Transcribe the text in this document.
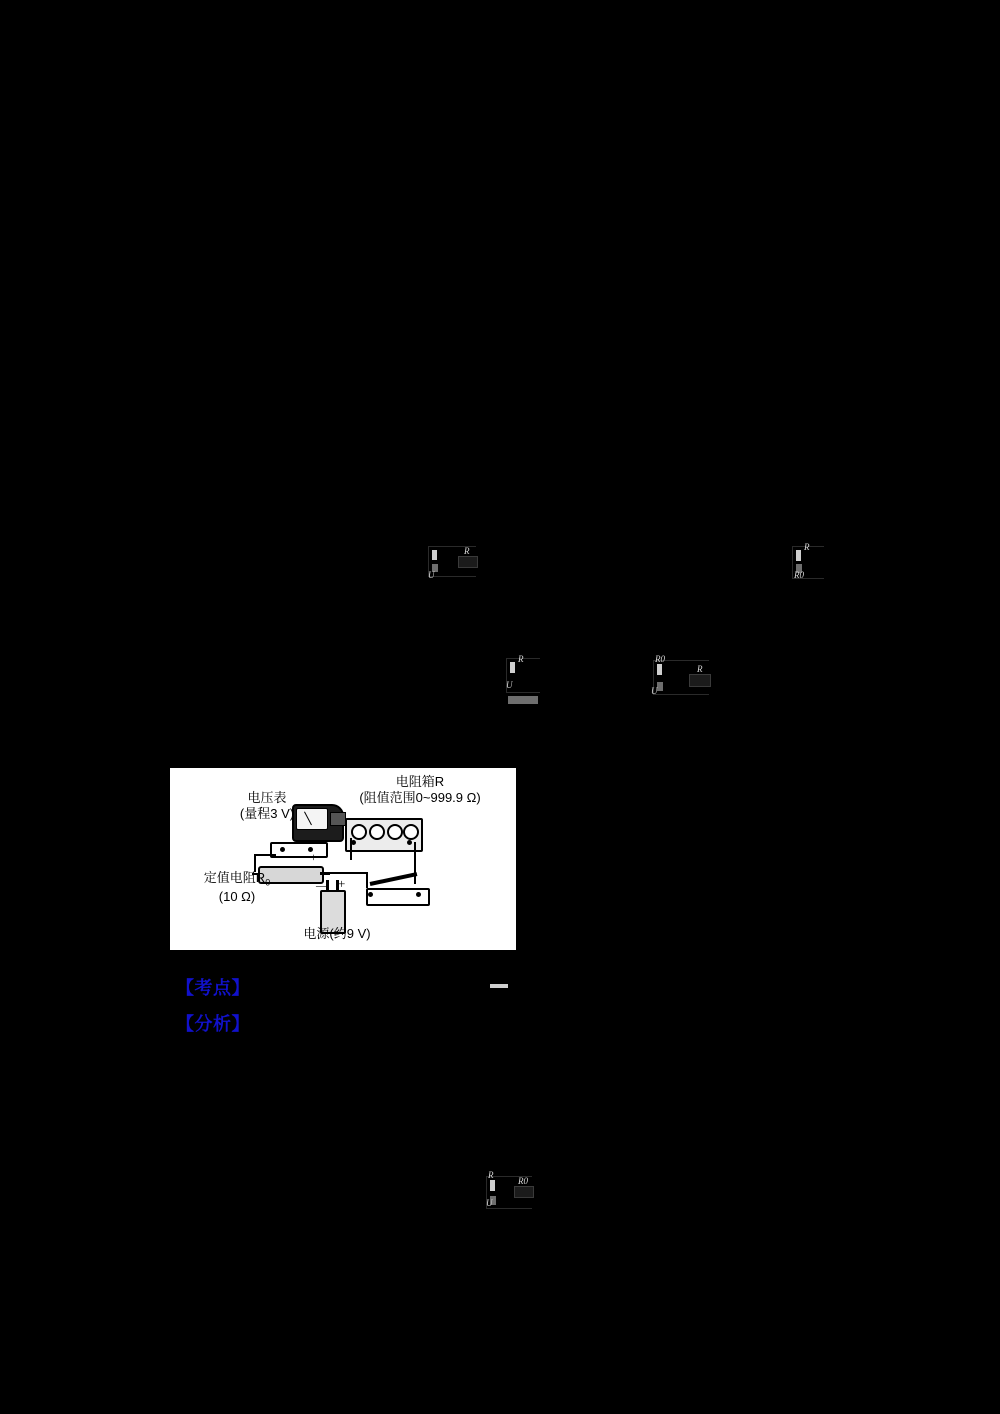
R
U
R
R0
R
U
R0
U
R
R
U
R0
+
— +
电压表
(量程3 V)
电阻箱R
(阻值范围0~999.9 Ω)
定值电阻$R_0$
(10 Ω)
电源(约9 V)
【考点】
【分析】
